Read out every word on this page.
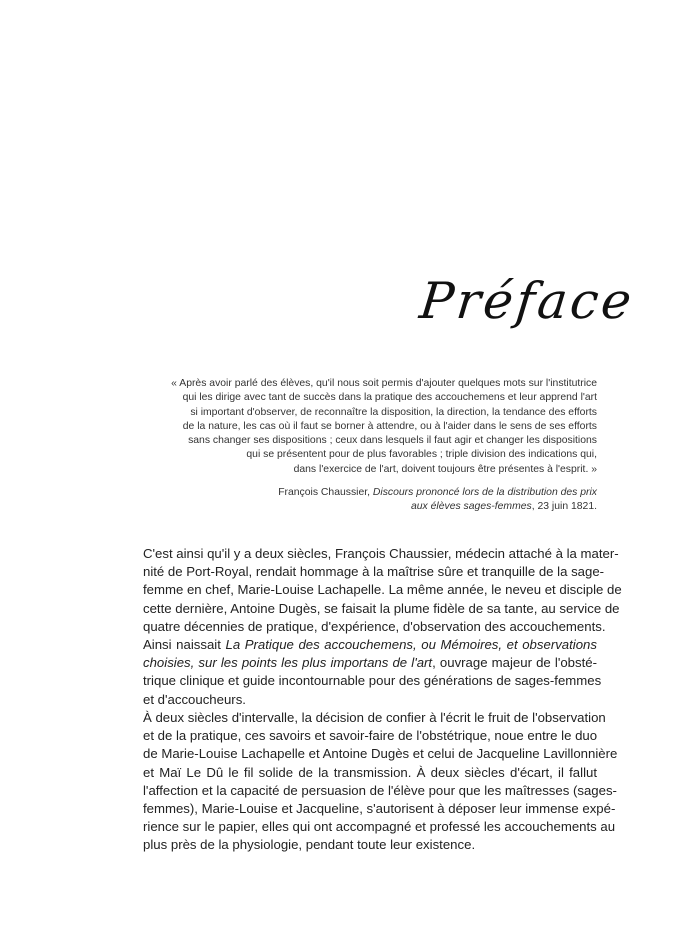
Préface
« Après avoir parlé des élèves, qu'il nous soit permis d'ajouter quelques mots sur l'institutrice
qui les dirige avec tant de succès dans la pratique des accouchemens et leur apprend l'art
si important d'observer, de reconnaître la disposition, la direction, la tendance des efforts
de la nature, les cas où il faut se borner à attendre, ou à l'aider dans le sens de ses efforts
sans changer ses dispositions ; ceux dans lesquels il faut agir et changer les dispositions
qui se présentent pour de plus favorables ; triple division des indications qui,
dans l'exercice de l'art, doivent toujours être présentes à l'esprit. »
François Chaussier, Discours prononcé lors de la distribution des prix
aux élèves sages-femmes, 23 juin 1821.
C'est ainsi qu'il y a deux siècles, François Chaussier, médecin attaché à la mater-
nité de Port-Royal, rendait hommage à la maîtrise sûre et tranquille de la sage-
femme en chef, Marie-Louise Lachapelle. La même année, le neveu et disciple de
cette dernière, Antoine Dugès, se faisait la plume fidèle de sa tante, au service de
quatre décennies de pratique, d'expérience, d'observation des accouchements.
Ainsi naissait La Pratique des accouchemens, ou Mémoires, et observations
choisies, sur les points les plus importans de l'art, ouvrage majeur de l'obsté-
trique clinique et guide incontournable pour des générations de sages-femmes
et d'accoucheurs.
À deux siècles d'intervalle, la décision de confier à l'écrit le fruit de l'observation
et de la pratique, ces savoirs et savoir-faire de l'obstétrique, noue entre le duo
de Marie-Louise Lachapelle et Antoine Dugès et celui de Jacqueline Lavillonnière
et Maï Le Dû le fil solide de la transmission. À deux siècles d'écart, il fallut
l'affection et la capacité de persuasion de l'élève pour que les maîtresses (sages-
femmes), Marie-Louise et Jacqueline, s'autorisent à déposer leur immense expé-
rience sur le papier, elles qui ont accompagné et professé les accouchements au
plus près de la physiologie, pendant toute leur existence.
